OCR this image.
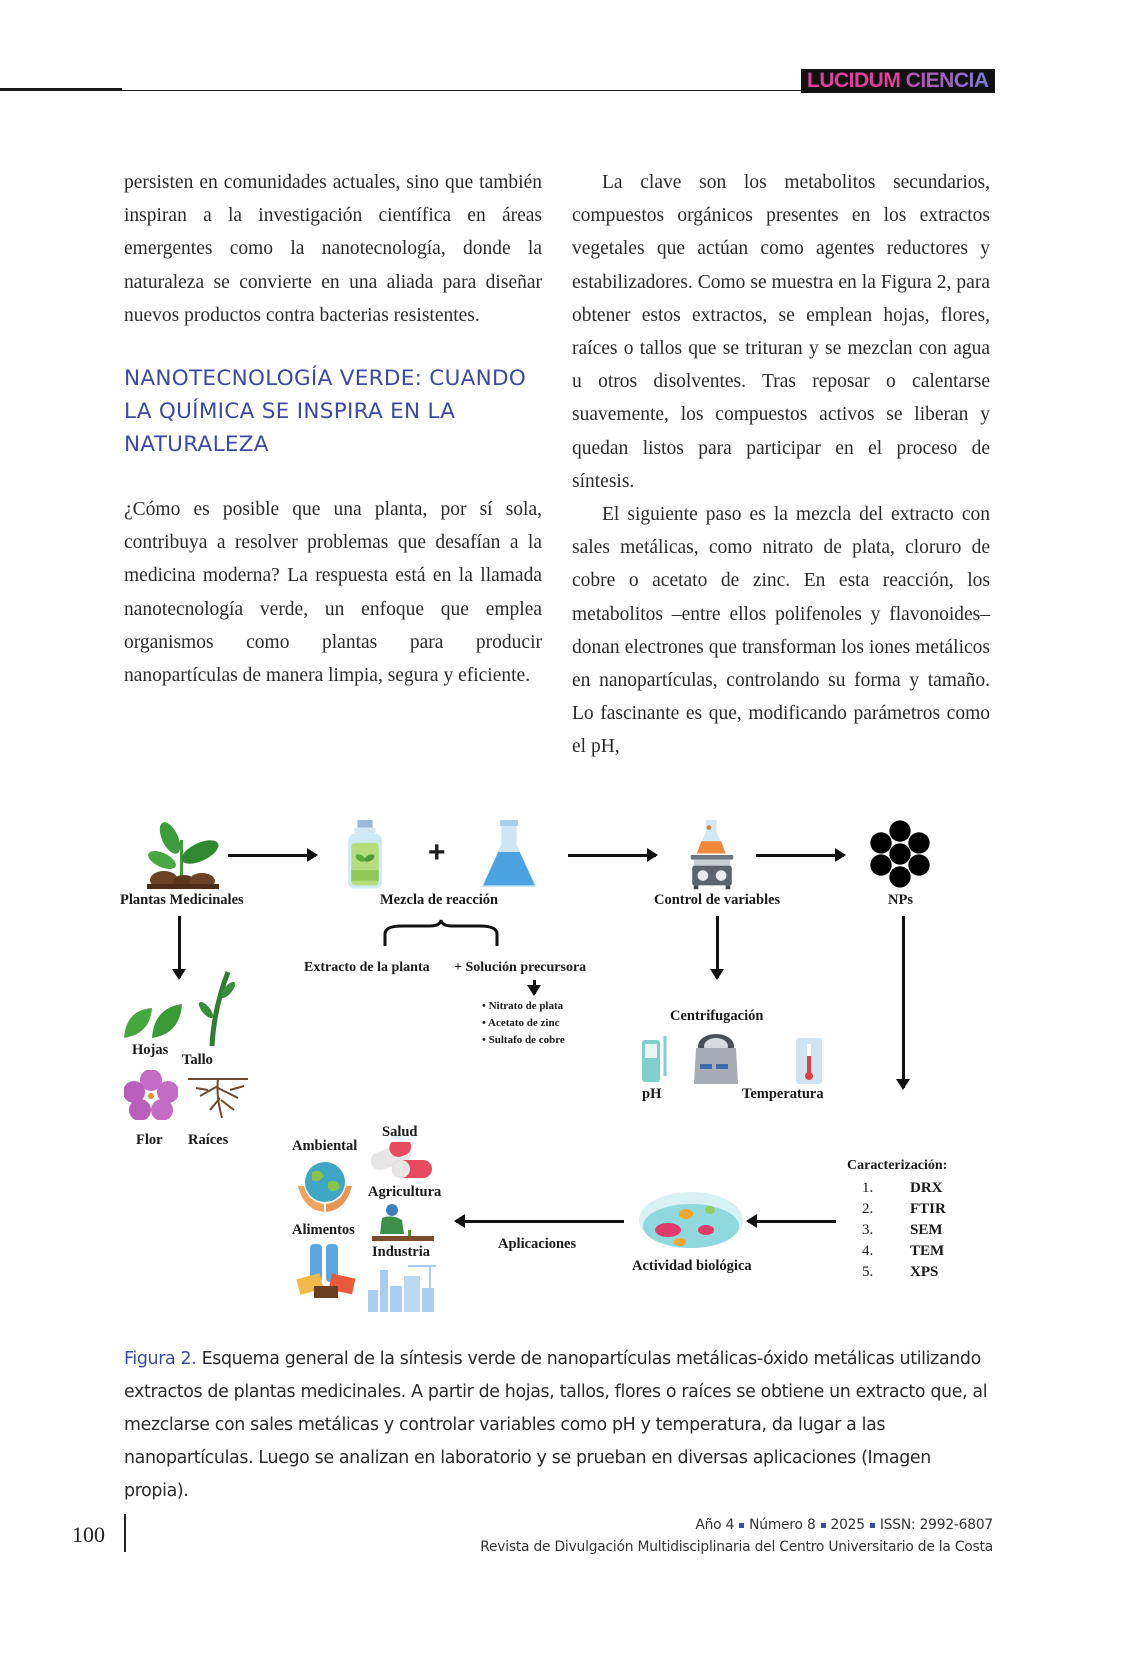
LUCIDUM CIENCIA

persisten en comunidades actuales, sino que también inspiran a la investigación científica en áreas emergentes como la nanotecnología, donde la naturaleza se convierte en una aliada para diseñar nuevos productos contra bacterias resistentes.

NANOTECNOLOGÍA VERDE: CUANDO LA QUÍMICA SE INSPIRA EN LA NATURALEZA

¿Cómo es posible que una planta, por sí sola, contribuya a resolver problemas que desafían a la medicina moderna? La respuesta está en la llamada nanotecnología verde, un enfoque que emplea organismos como plantas para producir nanopartículas de manera limpia, segura y eficiente.

La clave son los metabolitos secundarios, compuestos orgánicos presentes en los extractos vegetales que actúan como agentes reductores y estabilizadores. Como se muestra en la Figura 2, para obtener estos extractos, se emplean hojas, flores, raíces o tallos que se trituran y se mezclan con agua u otros disolventes. Tras reposar o calentarse suavemente, los compuestos activos se liberan y quedan listos para participar en el proceso de síntesis.

El siguiente paso es la mezcla del extracto con sales metálicas, como nitrato de plata, cloruro de cobre o acetato de zinc. En esta reacción, los metabolitos –entre ellos polifenoles y flavonoides– donan electrones que transforman los iones metálicos en nanopartículas, controlando su forma y tamaño. Lo fascinante es que, modificando parámetros como el pH,

Plantas Medicinales
+
Mezcla de reacción
Extracto de la planta + Solución precursora
• Nitrato de plata
• Acetato de zinc
• Sultafo de cobre
Control de variables	NPs
Hojas
Tallo
Flor Raíces
pH
Centrifugación
Temperatura
Caracterización:
1.	DRX
2.	FTIR
3.	SEM
4.	TEM
5.	XPS
Actividad biológica
Aplicaciones
Ambiental
Salud
Agricultura
Alimentos
Industria
Figura 2. Esquema general de la síntesis verde de nanopartículas metálicas-óxido metálicas utilizando extractos de plantas medicinales. A partir de hojas, tallos, flores o raíces se obtiene un extracto que, al mezclarse con sales metálicas y controlar variables como pH y temperatura, da lugar a las nanopartículas. Luego se analizan en laboratorio y se prueban en diversas aplicaciones (Imagen propia).
100	Año 4 Número 8 2025 ISSN: 2992-6807
Revista de Divulgación Multidisciplinaria del Centro Universitario de la Costa
